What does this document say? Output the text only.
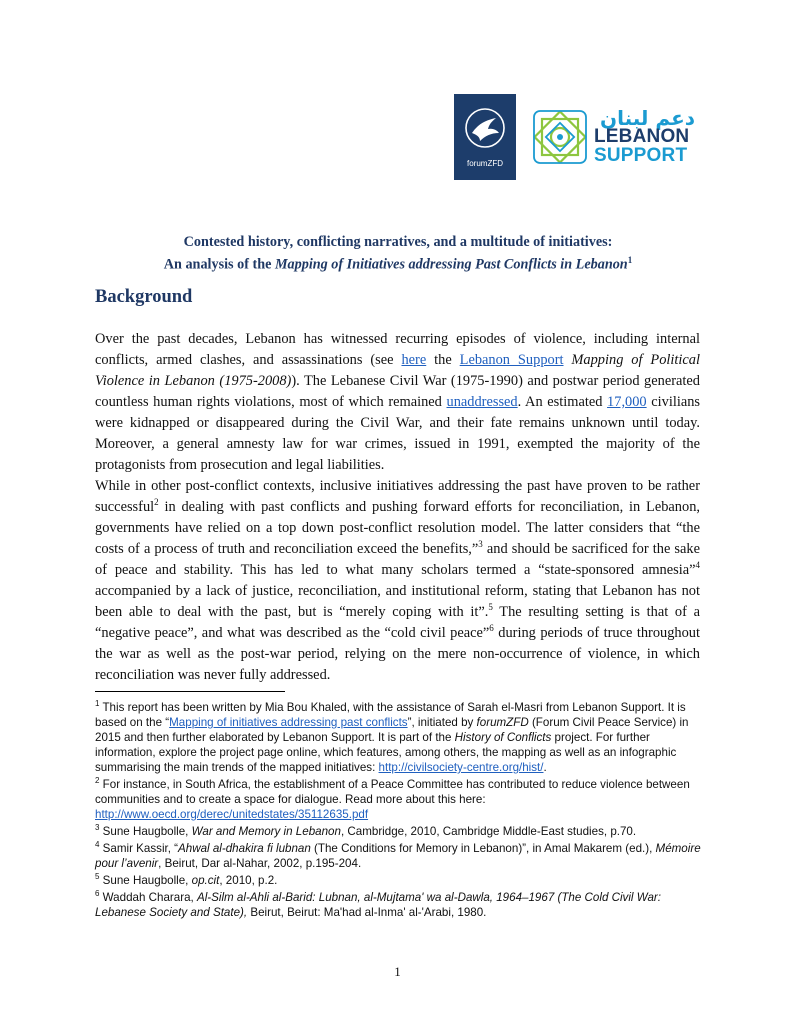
forumZFD
دعم لبنان
LEBANON
SUPPORT
Contested history, conflicting narratives, and a multitude of initiatives:
An analysis of the Mapping of Initiatives addressing Past Conflicts in Lebanon$^1$
Background

Over the past decades, Lebanon has witnessed recurring episodes of violence, including internal conflicts, armed clashes, and assassinations (see here the Lebanon Support Mapping of Political Violence in Lebanon (1975-2008)). The Lebanese Civil War (1975-1990) and postwar period generated countless human rights violations, most of which remained unaddressed. An estimated 17,000 civilians were kidnapped or disappeared during the Civil War, and their fate remains unknown until today. Moreover, a general amnesty law for war crimes, issued in 1991, exempted the majority of the protagonists from prosecution and legal liabilities.

While in other post-conflict contexts, inclusive initiatives addressing the past have proven to be rather successful$^2$ in dealing with past conflicts and pushing forward efforts for reconciliation, in Lebanon, governments have relied on a top down post-conflict resolution model. The latter considers that “the costs of a process of truth and reconciliation exceed the benefits,”$^3$ and should be sacrificed for the sake of peace and stability. This has led to what many scholars termed a “state-sponsored amnesia”$^4$ accompanied by a lack of justice, reconciliation, and institutional reform, stating that Lebanon has not been able to deal with the past, but is “merely coping with it”.$^5$ The resulting setting is that of a “negative peace”, and what was described as the “cold civil peace”$^6$ during periods of truce throughout the war as well as the post-war period, relying on the mere non-occurrence of violence, in which reconciliation was never fully addressed.

$^1$ This report has been written by Mia Bou Khaled, with the assistance of Sarah el-Masri from Lebanon Support. It is based on the “Mapping of initiatives addressing past conflicts”, initiated by forumZFD (Forum Civil Peace Service) in 2015 and then further elaborated by Lebanon Support. It is part of the History of Conflicts project. For further information, explore the project page online, which features, among others, the mapping as well as an infographic summarising the main trends of the mapped initiatives: http://civilsociety-centre.org/hist/.

$^2$ For instance, in South Africa, the establishment of a Peace Committee has contributed to reduce violence between communities and to create a space for dialogue. Read more about this here: http://www.oecd.org/derec/unitedstates/35112635.pdf

$^3$ Sune Haugbolle, War and Memory in Lebanon, Cambridge, 2010, Cambridge Middle-East studies, p.70.

$^4$ Samir Kassir, “Ahwal al-dhakira fi lubnan (The Conditions for Memory in Lebanon)”, in Amal Makarem (ed.), Mémoire pour l’avenir, Beirut, Dar al-Nahar, 2002, p.195-204.

$^5$ Sune Haugbolle, op.cit, 2010, p.2.

$^6$ Waddah Charara, Al-Silm al-Ahli al-Barid: Lubnan, al-Mujtama' wa al-Dawla, 1964–1967 (The Cold Civil War: Lebanese Society and State), Beirut, Beirut: Ma'had al-Inma' al-'Arabi, 1980.

1
